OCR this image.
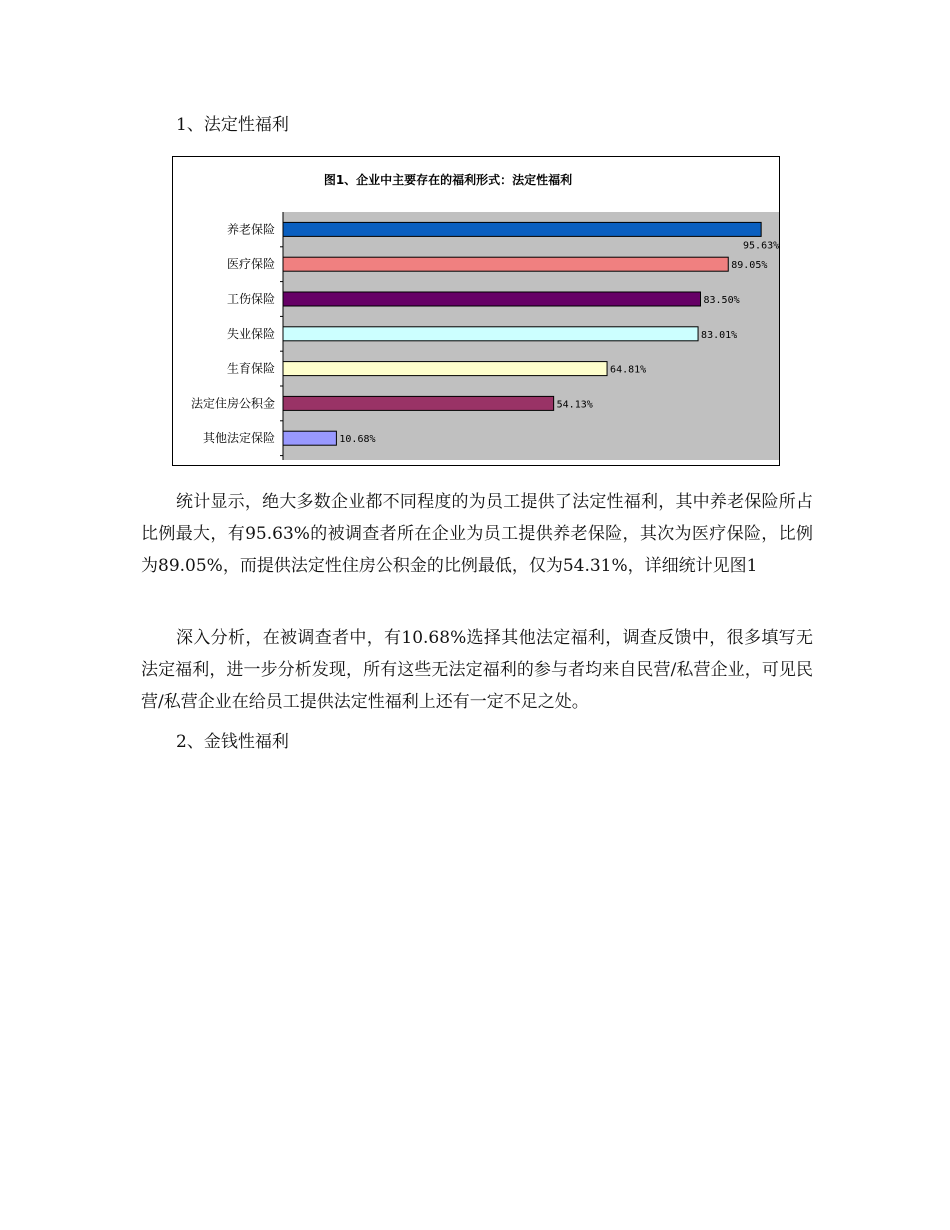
1、法定性福利
图1、企业中主要存在的福利形式：法定性福利
养老保险
95.63%
医疗保险	89.05%
工伤保险	83.50%
失业保险	83.01%
生育保险	64.81%
法定住房公积金	54.13%
其他法定保险	10.68%

统计显示，绝大多数企业都不同程度的为员工提供了法定性福利，其中养老保险所占比例最大，有95.63%的被调查者所在企业为员工提供养老保险，其次为医疗保险，比例为89.05%，而提供法定性住房公积金的比例最低，仅为54.31%，详细统计见图1

深入分析，在被调查者中，有10.68%选择其他法定福利，调查反馈中，很多填写无法定福利，进一步分析发现，所有这些无法定福利的参与者均来自民营/私营企业，可见民营/私营企业在给员工提供法定性福利上还有一定不足之处。

2、金钱性福利
